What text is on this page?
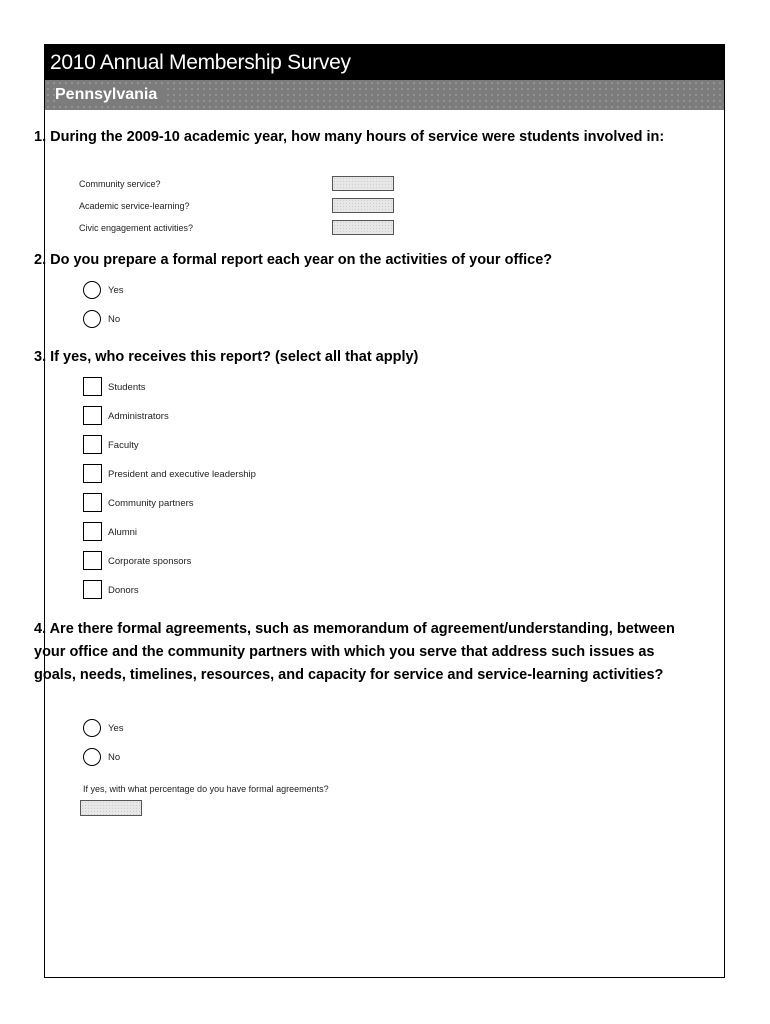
2010 Annual Membership Survey
Pennsylvania
1. During the 2009-10 academic year, how many hours of service were students involved in:
Community service?
Academic service-learning?
Civic engagement activities?
2. Do you prepare a formal report each year on the activities of your office?
Yes
No
3. If yes, who receives this report? (select all that apply)
Students
Administrators
Faculty
President and executive leadership
Community partners
Alumni
Corporate sponsors
Donors
4. Are there formal agreements, such as memorandum of agreement/understanding, between your office and the community partners with which you serve that address such issues as goals, needs, timelines, resources, and capacity for service and service-learning activities?
Yes
No
If yes, with what percentage do you have formal agreements?
